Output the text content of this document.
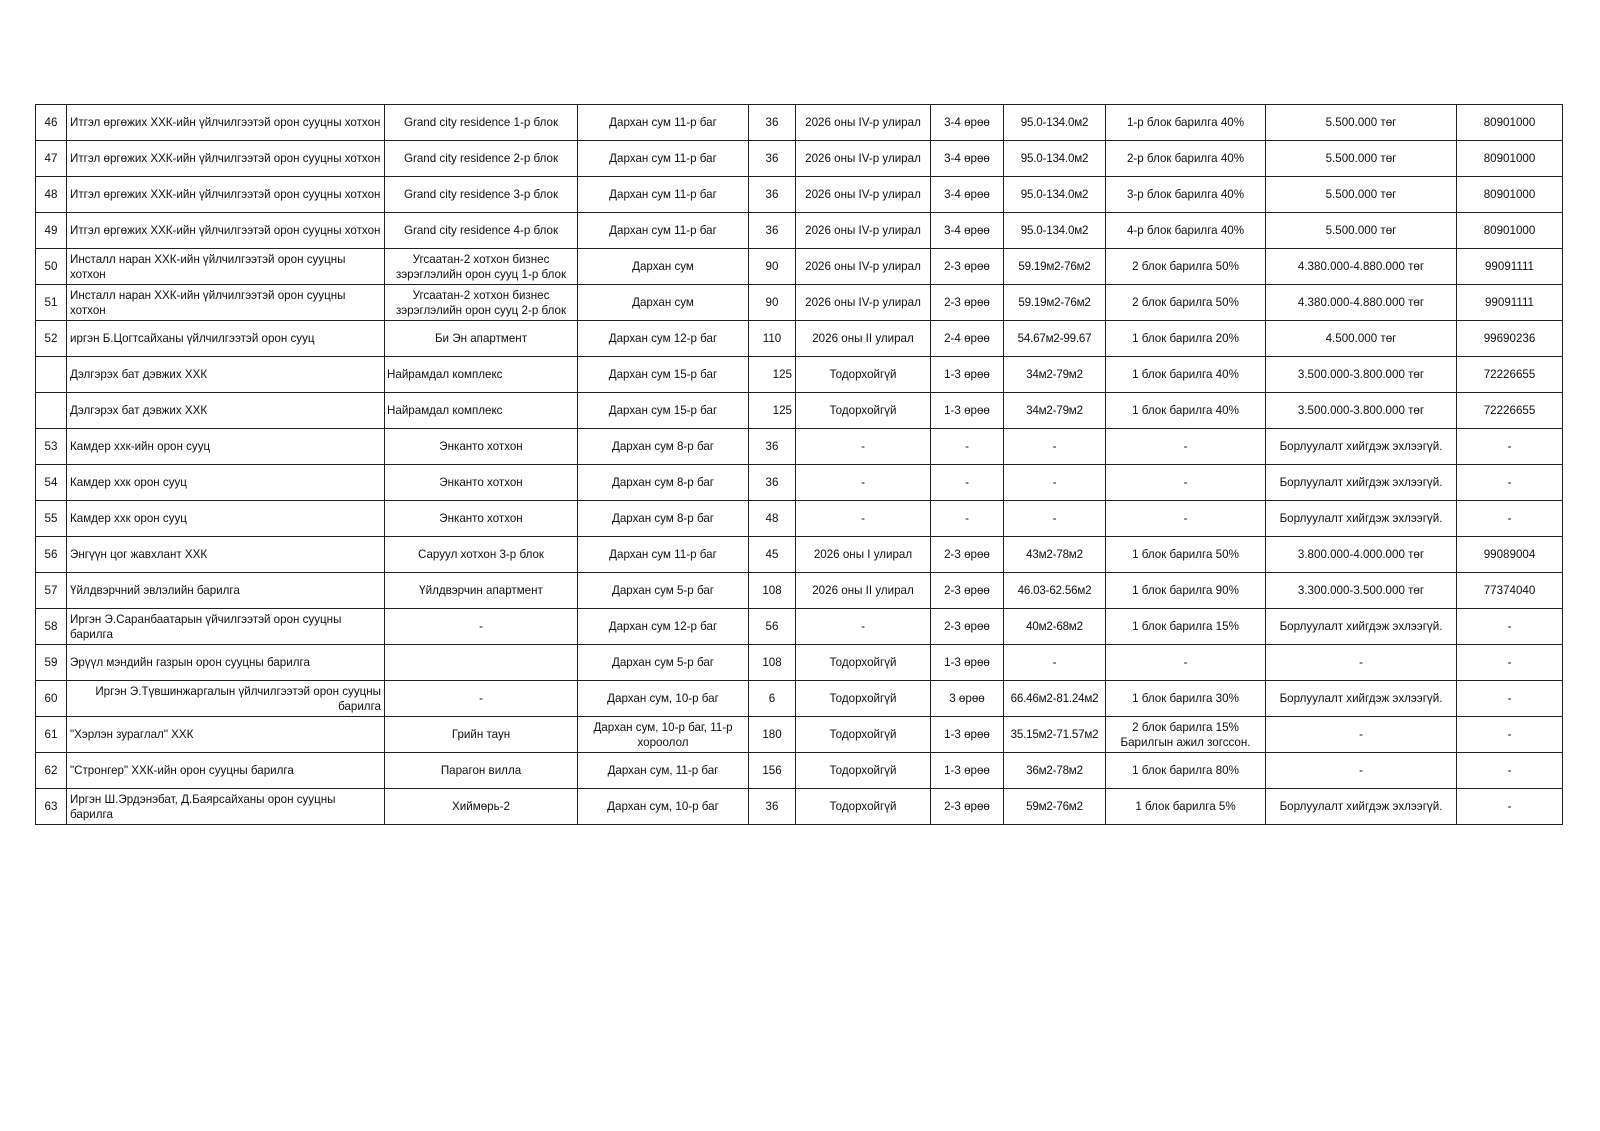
46	Итгэл өргөжих ХХК-ийн үйлчилгээтэй орон сууцны хотхон	Grand city residence 1-р блок	Дархан сум 11-р баг	36	2026 оны IV-р улирал	3-4 өрөө	95.0-134.0м2	1-р блок барилга 40%	5.500.000 төг	80901000
47	Итгэл өргөжих ХХК-ийн үйлчилгээтэй орон сууцны хотхон	Grand city residence 2-р блок	Дархан сум 11-р баг	36	2026 оны IV-р улирал	3-4 өрөө	95.0-134.0м2	2-р блок барилга 40%	5.500.000 төг	80901000
48	Итгэл өргөжих ХХК-ийн үйлчилгээтэй орон сууцны хотхон	Grand city residence 3-р блок	Дархан сум 11-р баг	36	2026 оны IV-р улирал	3-4 өрөө	95.0-134.0м2	3-р блок барилга 40%	5.500.000 төг	80901000
49	Итгэл өргөжих ХХК-ийн үйлчилгээтэй орон сууцны хотхон	Grand city residence 4-р блок	Дархан сум 11-р баг	36	2026 оны IV-р улирал	3-4 өрөө	95.0-134.0м2	4-р блок барилга 40%	5.500.000 төг	80901000
50	Инсталл наран ХХК-ийн үйлчилгээтэй орон сууцны хотхон	Угсаатан-2 хотхон бизнес зэрэглэлийн орон сууц 1-р блок	Дархан сум	90	2026 оны IV-р улирал	2-3 өрөө	59.19м2-76м2	2 блок барилга 50%	4.380.000-4.880.000 төг	99091111
51	Инсталл наран ХХК-ийн үйлчилгээтэй орон сууцны хотхон	Угсаатан-2 хотхон бизнес зэрэглэлийн орон сууц 2-р блок	Дархан сум	90	2026 оны IV-р улирал	2-3 өрөө	59.19м2-76м2	2 блок барилга 50%	4.380.000-4.880.000 төг	99091111
52	иргэн Б.Цогтсайханы үйлчилгээтэй орон сууц	Би Эн апартмент	Дархан сум 12-р баг	110	2026 оны II улирал	2-4 өрөө	54.67м2-99.67	1 блок барилга 20%	4.500.000 төг	99690236
	Дэлгэрэх бат дэвжих ХХК	Найрамдал комплекс	Дархан сум 15-р баг	125	Тодорхойгүй	1-3 өрөө	34м2-79м2	1 блок барилга 40%	3.500.000-3.800.000 төг	72226655
	Дэлгэрэх бат дэвжих ХХК	Найрамдал комплекс	Дархан сум 15-р баг	125	Тодорхойгүй	1-3 өрөө	34м2-79м2	1 блок барилга 40%	3.500.000-3.800.000 төг	72226655
53	Камдер ххк-ийн орон сууц	Энканто хотхон	Дархан сум 8-р баг	36	-	-	-	-	Борлуулалт хийгдэж эхлээгүй.	-
54	Камдер ххк орон сууц	Энканто хотхон	Дархан сум 8-р баг	36	-	-	-	-	Борлуулалт хийгдэж эхлээгүй.	-
55	Камдер ххк орон сууц	Энканто хотхон	Дархан сум 8-р баг	48	-	-	-	-	Борлуулалт хийгдэж эхлээгүй.	-
56	Энгүүн цог жавхлант ХХК	Саруул хотхон 3-р блок	Дархан сум 11-р баг	45	2026 оны I улирал	2-3 өрөө	43м2-78м2	1 блок барилга 50%	3.800.000-4.000.000 төг	99089004
57	Үйлдвэрчний эвлэлийн барилга	Үйлдвэрчин апартмент	Дархан сум 5-р баг	108	2026 оны II улирал	2-3 өрөө	46.03-62.56м2	1 блок барилга 90%	3.300.000-3.500.000 төг	77374040
58	Иргэн Э.Саранбаатарын үйчилгээтэй орон сууцны барилга	-	Дархан сум 12-р баг	56	-	2-3 өрөө	40м2-68м2	1 блок барилга 15%	Борлуулалт хийгдэж эхлээгүй.	-
59	Эрүүл мэндийн газрын орон сууцны барилга		Дархан сум 5-р баг	108	Тодорхойгүй	1-3 өрөө	-	-	-	-
60	Иргэн Э.Түвшинжаргалын үйлчилгээтэй орон сууцны барилга	-	Дархан сум, 10-р баг	6	Тодорхойгүй	3 өрөө	66.46м2-81.24м2	1 блок барилга 30%	Борлуулалт хийгдэж эхлээгүй.	-
61	"Хэрлэн зураглал" ХХК	Грийн таун	Дархан сум, 10-р баг, 11-р хороолол	180	Тодорхойгүй	1-3 өрөө	35.15м2-71.57м2	2 блок барилга 15% Барилгын ажил зогссон.	-	-
62	"Стронгер" ХХК-ийн орон сууцны барилга	Парагон вилла	Дархан сум, 11-р баг	156	Тодорхойгүй	1-3 өрөө	36м2-78м2	1 блок барилга 80%	-	-
63	Иргэн Ш.Эрдэнэбат, Д.Баярсайханы орон сууцны барилга	Хиймөрь-2	Дархан сум, 10-р баг	36	Тодорхойгүй	2-3 өрөө	59м2-76м2	1 блок барилга 5%	Борлуулалт хийгдэж эхлээгүй.	-
